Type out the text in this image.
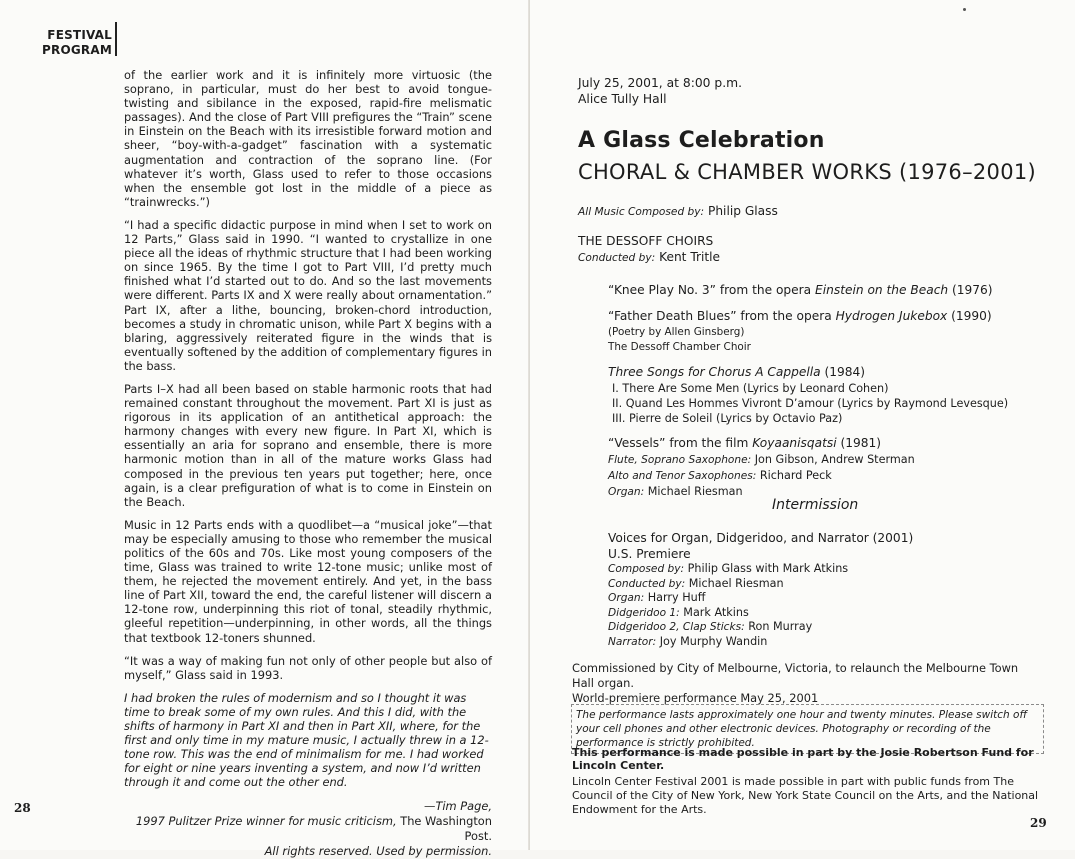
FESTIVAL
PROGRAM

of the earlier work and it is infinitely more virtuosic (the soprano, in particular, must do her best to avoid tongue-twisting and sibilance in the exposed, rapid-fire melismatic passages). And the close of Part VIII prefigures the “Train” scene in Einstein on the Beach with its irresistible forward motion and sheer, “boy-with-a-gadget” fascination with a systematic augmentation and contraction of the soprano line. (For whatever it’s worth, Glass used to refer to those occasions when the ensemble got lost in the middle of a piece as “trainwrecks.”)

“I had a specific didactic purpose in mind when I set to work on 12 Parts,” Glass said in 1990. “I wanted to crystallize in one piece all the ideas of rhythmic structure that I had been working on since 1965. By the time I got to Part VIII, I’d pretty much finished what I’d started out to do. And so the last movements were different. Parts IX and X were really about ornamentation.” Part IX, after a lithe, bouncing, broken-chord introduction, becomes a study in chromatic unison, while Part X begins with a blaring, aggressively reiterated figure in the winds that is eventually softened by the addition of complementary figures in the bass.

Parts I–X had all been based on stable harmonic roots that had remained constant throughout the movement. Part XI is just as rigorous in its application of an antithetical approach: the harmony changes with every new figure. In Part XI, which is essentially an aria for soprano and ensemble, there is more harmonic motion than in all of the mature works Glass had composed in the previous ten years put together; here, once again, is a clear prefiguration of what is to come in Einstein on the Beach.

Music in 12 Parts ends with a quodlibet—a “musical joke”—that may be especially amusing to those who remember the musical politics of the 60s and 70s. Like most young composers of the time, Glass was trained to write 12-tone music; unlike most of them, he rejected the movement entirely. And yet, in the bass line of Part XII, toward the end, the careful listener will discern a 12-tone row, underpinning this riot of tonal, steadily rhythmic, gleeful repetition—underpinning, in other words, all the things that textbook 12-toners shunned.

“It was a way of making fun not only of other people but also of myself,” Glass said in 1993.

I had broken the rules of modernism and so I thought it was time to break some of my own rules. And this I did, with the shifts of harmony in Part XI and then in Part XII, where, for the first and only time in my mature music, I actually threw in a 12-tone row. This was the end of minimalism for me. I had worked for eight or nine years inventing a system, and now I’d written through it and come out the other end.

—Tim Page,
1997 Pulitzer Prize winner for music criticism, The Washington Post.
All rights reserved. Used by permission.
28
July 25, 2001, at 8:00 p.m.
Alice Tully Hall
A Glass Celebration
CHORAL & CHAMBER WORKS (1976–2001)
All Music Composed by: Philip Glass
THE DESSOFF CHOIRS
Conducted by: Kent Tritle
“Knee Play No. 3” from the opera Einstein on the Beach (1976)
“Father Death Blues” from the opera Hydrogen Jukebox (1990)
(Poetry by Allen Ginsberg)
The Dessoff Chamber Choir
Three Songs for Chorus A Cappella (1984)
I. There Are Some Men (Lyrics by Leonard Cohen)
II. Quand Les Hommes Vivront D’amour (Lyrics by Raymond Levesque)
III. Pierre de Soleil (Lyrics by Octavio Paz)
“Vessels” from the film Koyaanisqatsi (1981)
Flute, Soprano Saxophone: Jon Gibson, Andrew Sterman
Alto and Tenor Saxophones: Richard Peck
Organ: Michael Riesman
Intermission
Voices for Organ, Didgeridoo, and Narrator (2001)
U.S. Premiere
Composed by: Philip Glass with Mark Atkins
Conducted by: Michael Riesman
Organ: Harry Huff
Didgeridoo 1: Mark Atkins
Didgeridoo 2, Clap Sticks: Ron Murray
Narrator: Joy Murphy Wandin
Commissioned by City of Melbourne, Victoria, to relaunch the Melbourne Town Hall organ.
World-premiere performance May 25, 2001
The performance lasts approximately one hour and twenty minutes. Please switch off your cell phones and other electronic devices. Photography or recording of the performance is strictly prohibited.
This performance is made possible in part by the Josie Robertson Fund for Lincoln Center.
Lincoln Center Festival 2001 is made possible in part with public funds from The Council of the City of New York, New York State Council on the Arts, and the National Endowment for the Arts.
29
